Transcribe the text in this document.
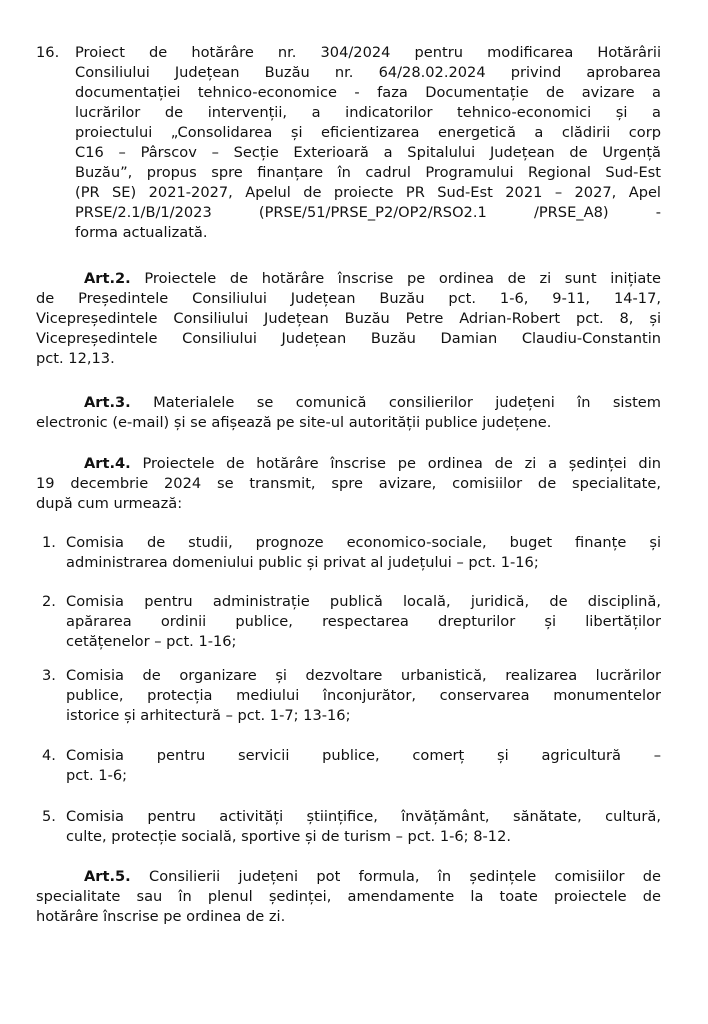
16. Proiect de hotărâre nr. 304/2024 pentru modificarea Hotărârii
Consiliului Județean Buzău nr. 64/28.02.2024 privind aprobarea
documentației tehnico-economice - faza Documentație de avizare a
lucrărilor de intervenții, a indicatorilor tehnico-economici și a
proiectului „Consolidarea și eficientizarea energetică a clădirii corp
C16 – Pârscov – Secție Exterioară a Spitalului Județean de Urgență
Buzău”, propus spre finanțare în cadrul Programului Regional Sud-Est
(PR SE) 2021-2027, Apelul de proiecte PR Sud-Est 2021 – 2027, Apel
PRSE/2.1/B/1/2023 (PRSE/51/PRSE_P2/OP2/RSO2.1 /PRSE_A8) -
forma actualizată.
Art.2. Proiectele de hotărâre înscrise pe ordinea de zi sunt inițiate
de Președintele Consiliului Județean Buzău pct. 1-6, 9-11, 14-17,
Vicepreședintele Consiliului Județean Buzău Petre Adrian-Robert pct. 8, și
Vicepreședintele Consiliului Județean Buzău Damian Claudiu-Constantin
pct. 12,13.
Art.3. Materialele se comunică consilierilor județeni în sistem
electronic (e-mail) și se afișează pe site-ul autorității publice județene.
Art.4. Proiectele de hotărâre înscrise pe ordinea de zi a ședinței din
19 decembrie 2024 se transmit, spre avizare, comisiilor de specialitate,
după cum urmează:
1. Comisia de studii, prognoze economico-sociale, buget finanțe și
administrarea domeniului public și privat al județului – pct. 1-16;
2. Comisia pentru administrație publică locală, juridică, de disciplină,
apărarea ordinii publice, respectarea drepturilor și libertăților
cetățenelor – pct. 1-16;
3. Comisia de organizare și dezvoltare urbanistică, realizarea lucrărilor
publice, protecția mediului înconjurător, conservarea monumentelor
istorice și arhitectură – pct. 1-7; 13-16;
4. Comisia pentru servicii publice, comerț și agricultură –
pct. 1-6;
5. Comisia pentru activități științifice, învățământ, sănătate, cultură,
culte, protecție socială, sportive și de turism – pct. 1-6; 8-12.
Art.5. Consilierii județeni pot formula, în ședințele comisiilor de
specialitate sau în plenul ședinței, amendamente la toate proiectele de
hotărâre înscrise pe ordinea de zi.
